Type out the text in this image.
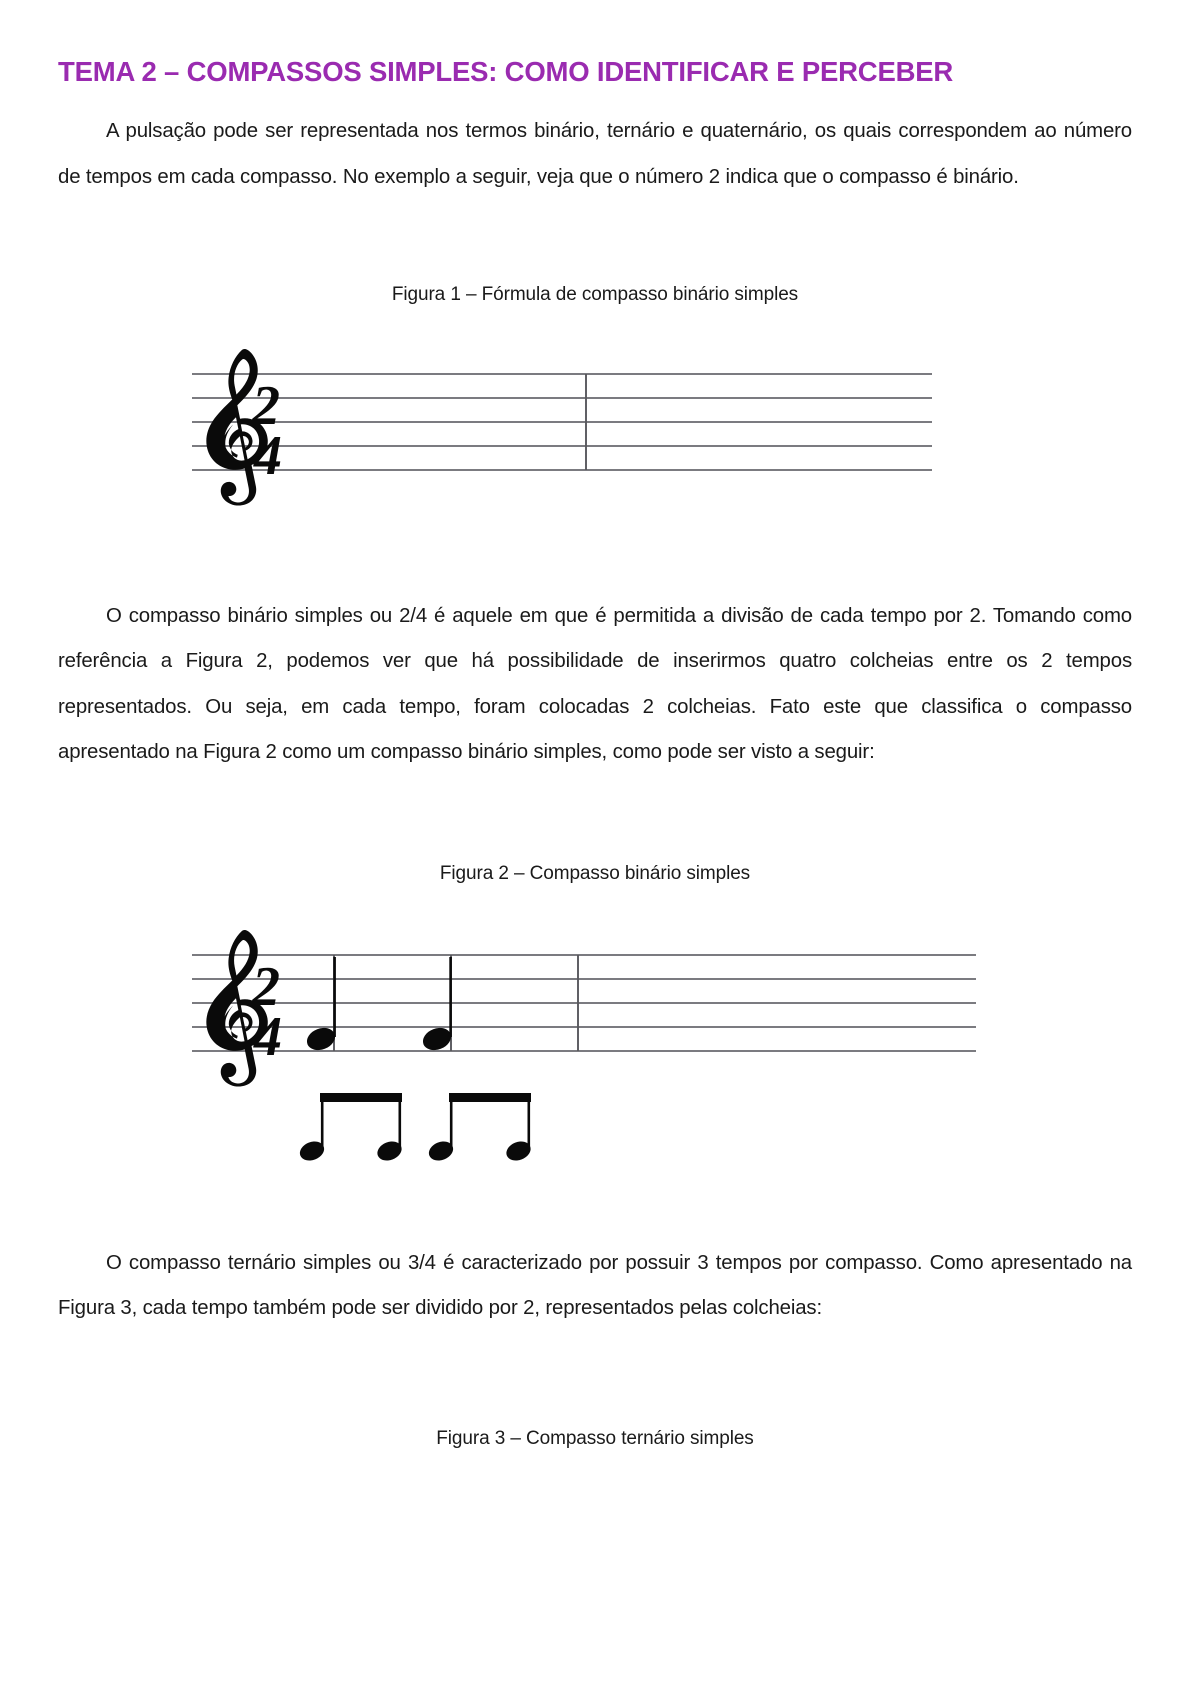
TEMA 2 – COMPASSOS SIMPLES: COMO IDENTIFICAR E PERCEBER

A pulsação pode ser representada nos termos binário, ternário e quaternário, os quais correspondem ao número de tempos em cada compasso. No exemplo a seguir, veja que o número 2 indica que o compasso é binário.

Figura 1 – Fórmula de compasso binário simples

2
4

O compasso binário simples ou 2/4 é aquele em que é permitida a divisão de cada tempo por 2. Tomando como referência a Figura 2, podemos ver que há possibilidade de inserirmos quatro colcheias entre os 2 tempos representados. Ou seja, em cada tempo, foram colocadas 2 colcheias. Fato este que classifica o compasso apresentado na Figura 2 como um compasso binário simples, como pode ser visto a seguir:

Figura 2 – Compasso binário simples

2
4

O compasso ternário simples ou 3/4 é caracterizado por possuir 3 tempos por compasso. Como apresentado na Figura 3, cada tempo também pode ser dividido por 2, representados pelas colcheias:

Figura 3 – Compasso ternário simples
